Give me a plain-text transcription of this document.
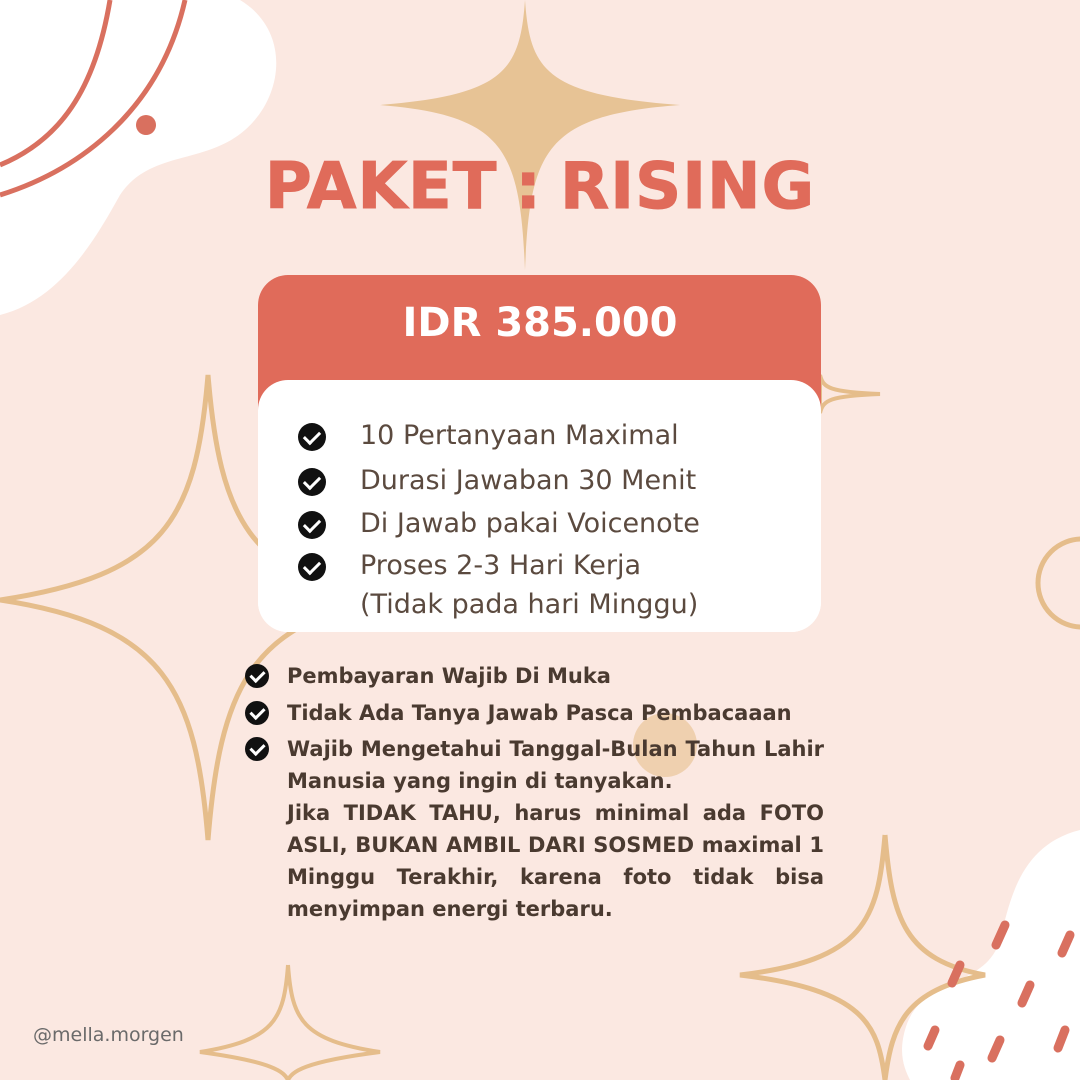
PAKET : RISING
IDR 385.000
10 Pertanyaan Maximal
Durasi Jawaban 30 Menit
Di Jawab pakai Voicenote
Proses 2-3 Hari Kerja
(Tidak pada hari Minggu)
Pembayaran Wajib Di Muka
Tidak Ada Tanya Jawab Pasca Pembacaaan
Wajib Mengetahui Tanggal-Bulan Tahun Lahir Manusia yang ingin di tanyakan.
Jika TIDAK TAHU, harus minimal ada FOTO ASLI, BUKAN AMBIL DARI SOSMED maximal 1 Minggu Terakhir, karena foto tidak bisa menyimpan energi terbaru.
@mella.morgen
